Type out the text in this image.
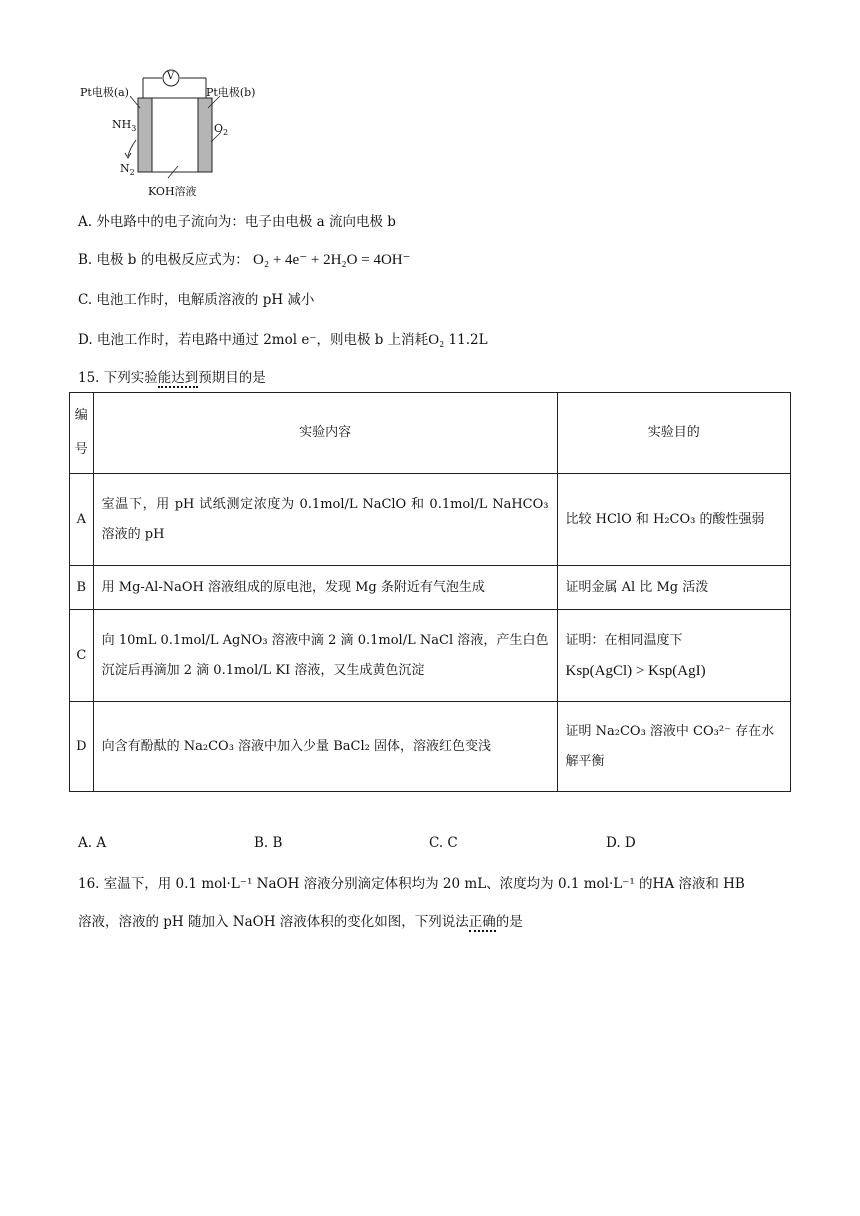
V
Pt电极(a)	Pt电极(b)
$NH_3$	$O_2$
$N_2$
KOH溶液
A. 外电路中的电子流向为：电子由电极 a 流向电极 b
B. 电极 b 的电极反应式为： O₂ + 4e⁻ + 2H₂O = 4OH⁻
C. 电池工作时，电解质溶液的 pH 减小
D. 电池工作时，若电路中通过 2mol e⁻，则电极 b 上消耗O₂ 11.2L
15. 下列实验能达到预期目的是
编号	实验内容	实验目的
A	室温下，用 pH 试纸测定浓度为 0.1mol/L NaClO 和 0.1mol/L NaHCO₃ 溶液的 pH	比较 HClO 和 H₂CO₃ 的酸性强弱
B	用 Mg-Al-NaOH 溶液组成的原电池，发现 Mg 条附近有气泡生成	证明金属 Al 比 Mg 活泼
C	向 10mL 0.1mol/L AgNO₃ 溶液中滴 2 滴 0.1mol/L NaCl 溶液，产生白色沉淀后再滴加 2 滴 0.1mol/L KI 溶液，又生成黄色沉淀	证明：在相同温度下
Ksp(AgCl) > Ksp(AgI)

D	向含有酚酞的 Na₂CO₃ 溶液中加入少量 BaCl₂ 固体，溶液红色变浅	证明 Na₂CO₃ 溶液中 CO₃²⁻ 存在水解平衡
A. A	B. B	C. C	D. D
16. 室温下，用 0.1 mol·L⁻¹ NaOH 溶液分别滴定体积均为 20 mL、浓度均为 0.1 mol·L⁻¹ 的HA 溶液和 HB
溶液，溶液的 pH 随加入 NaOH 溶液体积的变化如图，下列说法正确的是
